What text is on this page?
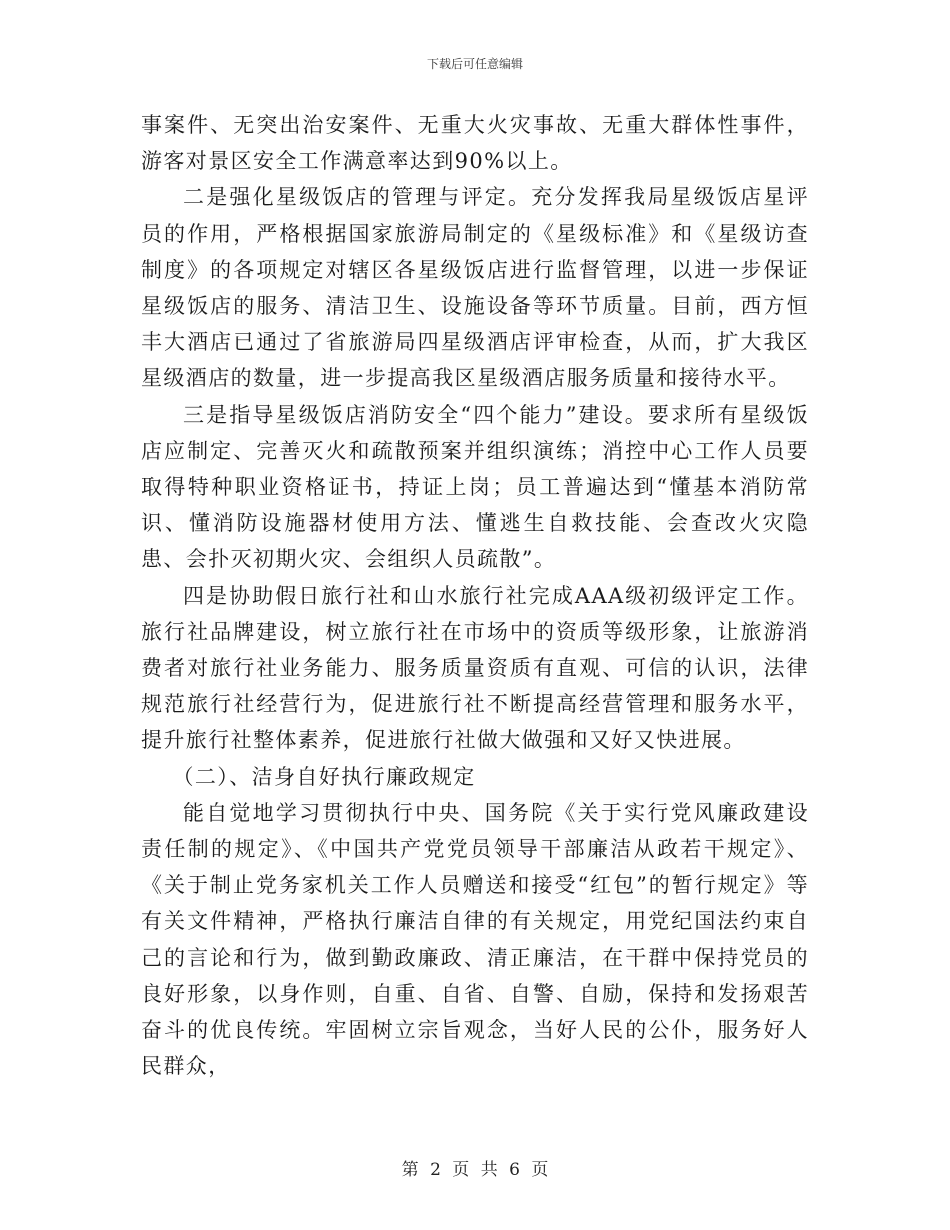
下载后可任意编辑

事案件、无突出治安案件、无重大火灾事故、无重大群体性事件，游客对景区安全工作满意率达到90%以上。

二是强化星级饭店的管理与评定。充分发挥我局星级饭店星评员的作用，严格根据国家旅游局制定的《星级标准》和《星级访查制度》的各项规定对辖区各星级饭店进行监督管理，以进一步保证星级饭店的服务、清洁卫生、设施设备等环节质量。目前，西方恒丰大酒店已通过了省旅游局四星级酒店评审检查，从而，扩大我区星级酒店的数量，进一步提高我区星级酒店服务质量和接待水平。

三是指导星级饭店消防安全“四个能力”建设。要求所有星级饭店应制定、完善灭火和疏散预案并组织演练；消控中心工作人员要取得特种职业资格证书，持证上岗；员工普遍达到“懂基本消防常识、懂消防设施器材使用方法、懂逃生自救技能、会查改火灾隐患、会扑灭初期火灾、会组织人员疏散”。

四是协助假日旅行社和山水旅行社完成AAA级初级评定工作。旅行社品牌建设，树立旅行社在市场中的资质等级形象，让旅游消费者对旅行社业务能力、服务质量资质有直观、可信的认识，法律规范旅行社经营行为，促进旅行社不断提高经营管理和服务水平，提升旅行社整体素养，促进旅行社做大做强和又好又快进展。

（二）、洁身自好执行廉政规定

能自觉地学习贯彻执行中央、国务院《关于实行党风廉政建设责任制的规定》、《中国共产党党员领导干部廉洁从政若干规定》、《关于制止党务家机关工作人员赠送和接受“红包”的暂行规定》等有关文件精神，严格执行廉洁自律的有关规定，用党纪国法约束自己的言论和行为，做到勤政廉政、清正廉洁，在干群中保持党员的良好形象，以身作则，自重、自省、自警、自励，保持和发扬艰苦奋斗的优良传统。牢固树立宗旨观念，当好人民的公仆，服务好人民群众，

第 2 页 共 6 页
